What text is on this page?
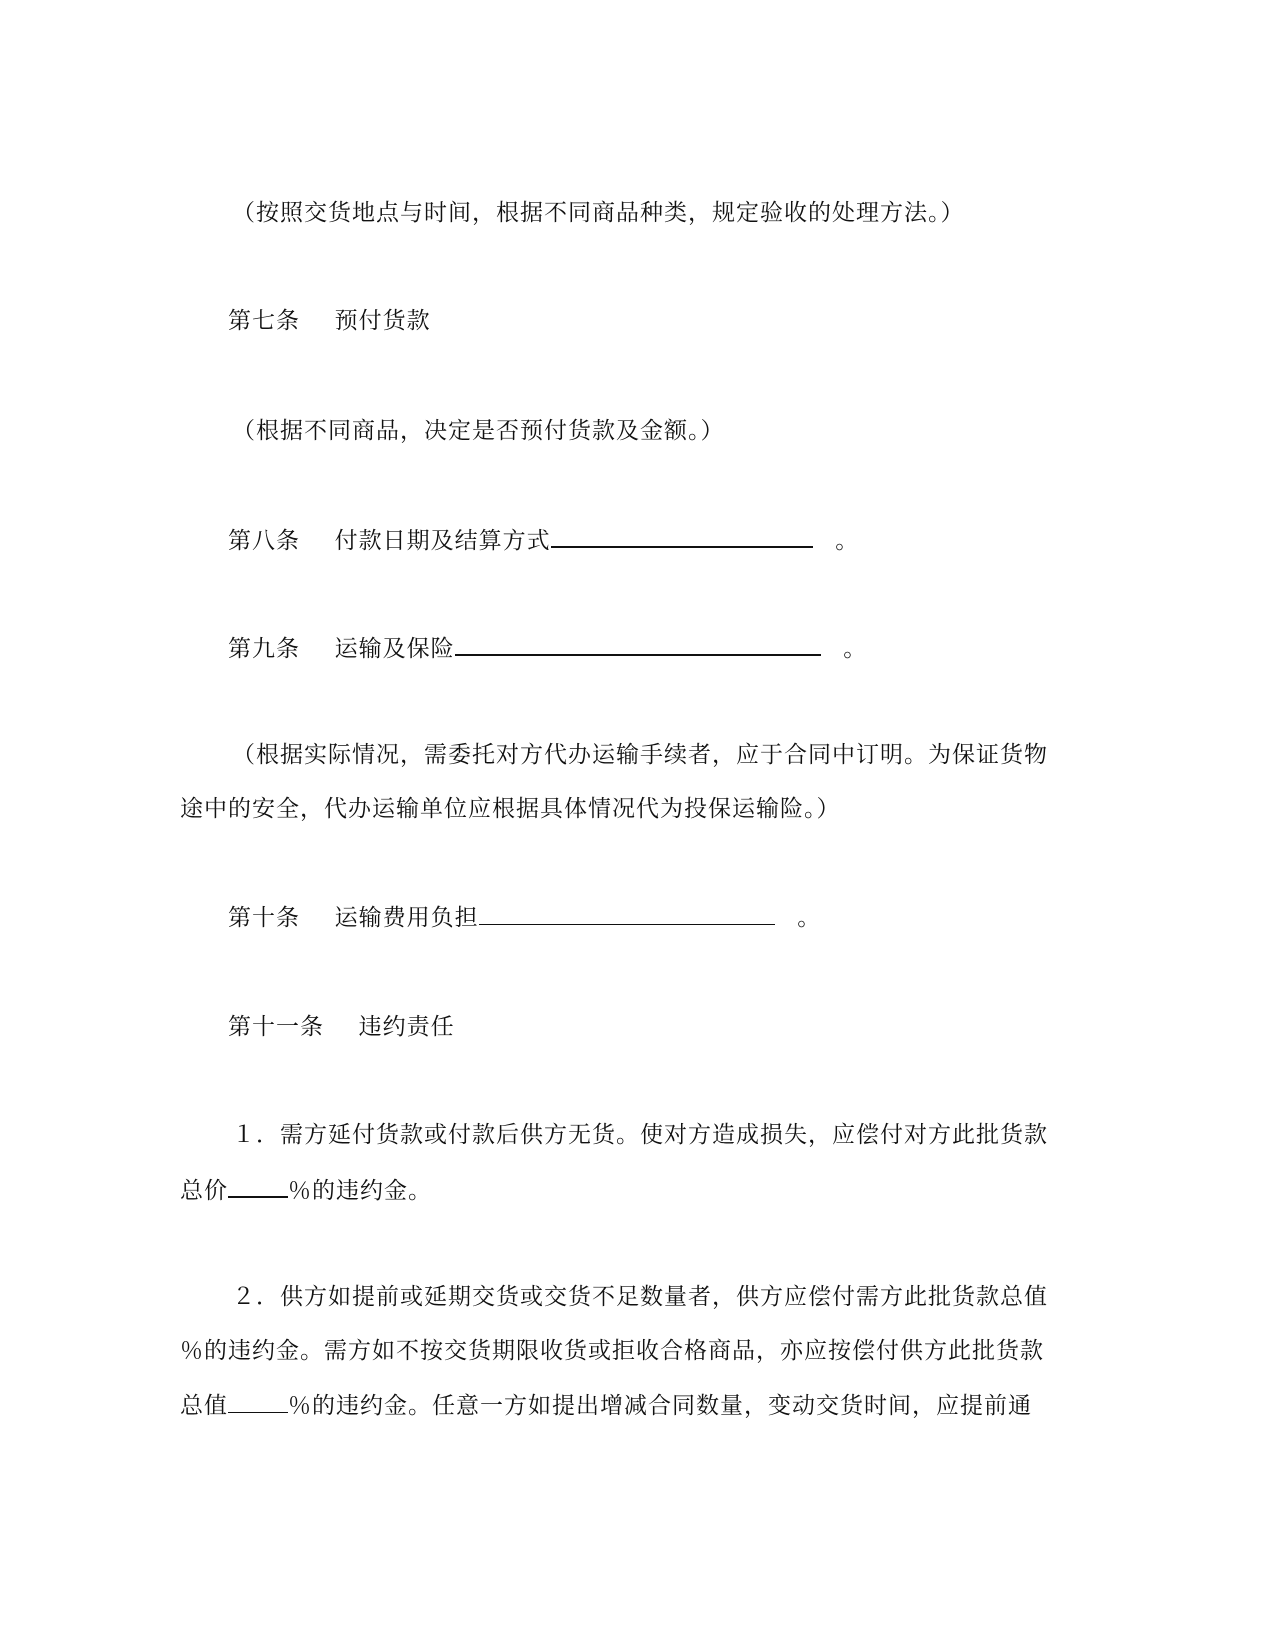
（按照交货地点与时间，根据不同商品种类，规定验收的处理方法。）
第七条 预付货款
（根据不同商品，决定是否预付货款及金额。）
第八条 付款日期及结算方式	。
第九条 运输及保险	。
（根据实际情况，需委托对方代办运输手续者，应于合同中订明。为保证货物
途中的安全，代办运输单位应根据具体情况代为投保运输险。）
第十条 运输费用负担	。
第十一条 违约责任
１．需方延付货款或付款后供方无货。使对方造成损失，应偿付对方此批货款
总价	％的违约金。
２．供方如提前或延期交货或交货不足数量者，供方应偿付需方此批货款总值
％的违约金。需方如不按交货期限收货或拒收合格商品，亦应按偿付供方此批货款
总值	％的违约金。任意一方如提出增减合同数量，变动交货时间，应提前通
